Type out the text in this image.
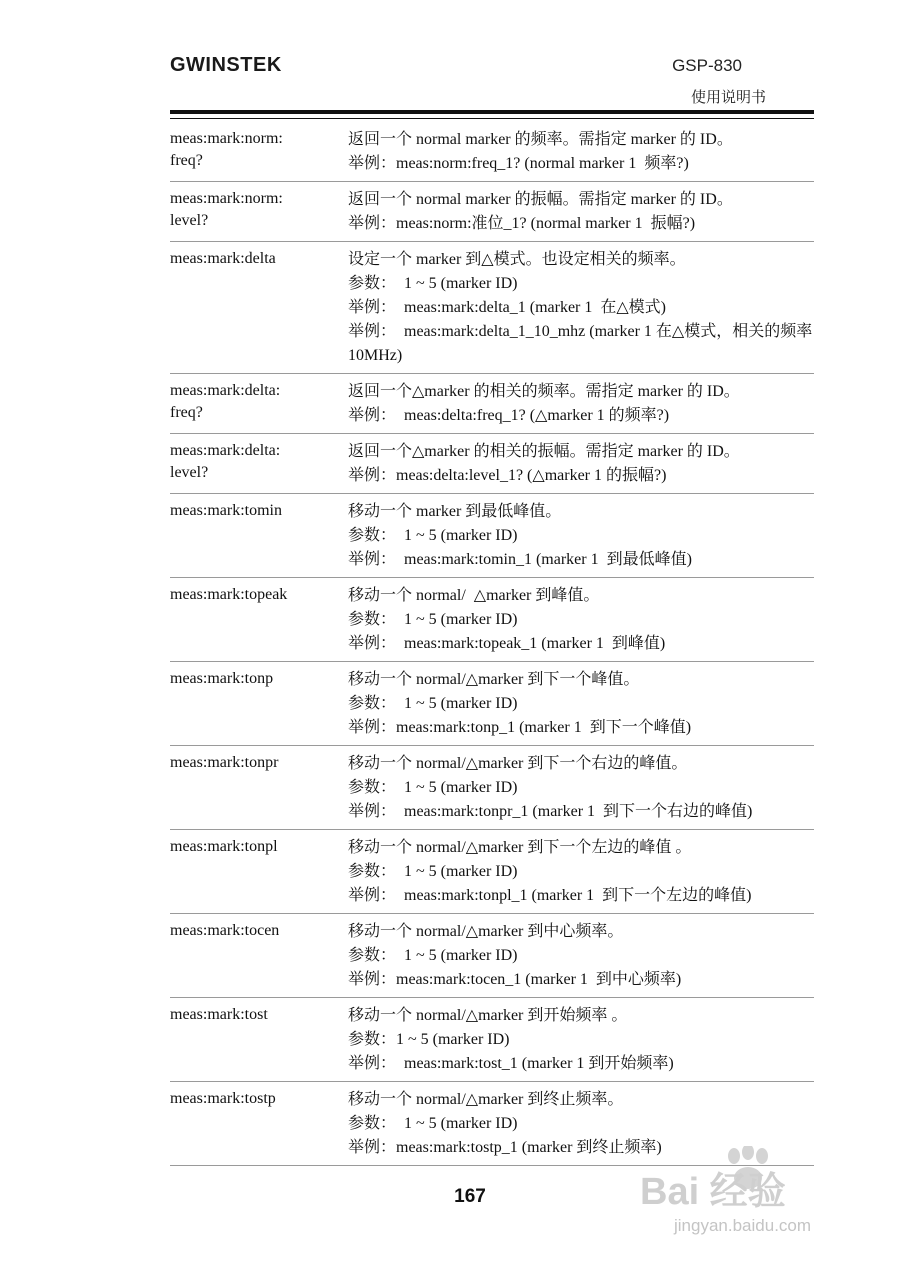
GWINSTEK	GSP-830
使用说明书
meas:mark:norm:
freq?	返回一个 normal marker 的频率。需指定 marker 的 ID。
举例：meas:norm:freq_1? (normal marker 1  频率?)

meas:mark:norm:
level?	返回一个 normal marker 的振幅。需指定 marker 的 ID。
举例：meas:norm:准位_1? (normal marker 1  振幅?)

meas:mark:delta	设定一个 marker 到△模式。也设定相关的频率。
参数：  1 ~ 5 (marker ID)
举例：  meas:mark:delta_1 (marker 1  在△模式)
举例：  meas:mark:delta_1_10_mhz (marker 1 在△模式，相关的频率 10MHz)

meas:mark:delta:
freq?	返回一个△marker 的相关的频率。需指定 marker 的 ID。
举例：  meas:delta:freq_1? (△marker 1 的频率?)

meas:mark:delta:
level?	返回一个△marker 的相关的振幅。需指定 marker 的 ID。
举例：meas:delta:level_1? (△marker 1 的振幅?)

meas:mark:tomin	移动一个 marker 到最低峰值。
参数：  1 ~ 5 (marker ID)
举例：  meas:mark:tomin_1 (marker 1  到最低峰值)

meas:mark:topeak	移动一个 normal/  △marker 到峰值。
参数：  1 ~ 5 (marker ID)
举例：  meas:mark:topeak_1 (marker 1  到峰值)

meas:mark:tonp	移动一个 normal/△marker 到下一个峰值。
参数：  1 ~ 5 (marker ID)
举例：meas:mark:tonp_1 (marker 1  到下一个峰值)

meas:mark:tonpr	移动一个 normal/△marker 到下一个右边的峰值。
参数：  1 ~ 5 (marker ID)
举例：  meas:mark:tonpr_1 (marker 1  到下一个右边的峰值)

meas:mark:tonpl	移动一个 normal/△marker 到下一个左边的峰值 。
参数：  1 ~ 5 (marker ID)
举例：  meas:mark:tonpl_1 (marker 1  到下一个左边的峰值)

meas:mark:tocen	移动一个 normal/△marker 到中心频率。
参数：  1 ~ 5 (marker ID)
举例：meas:mark:tocen_1 (marker 1  到中心频率)

meas:mark:tost	移动一个 normal/△marker 到开始频率 。
参数：1 ~ 5 (marker ID)
举例：  meas:mark:tost_1 (marker 1 到开始频率)

meas:mark:tostp	移动一个 normal/△marker 到终止频率。
参数：  1 ~ 5 (marker ID)
举例：meas:mark:tostp_1 (marker 到终止频率)
167	Bai 经验
jingyan.baidu.com
